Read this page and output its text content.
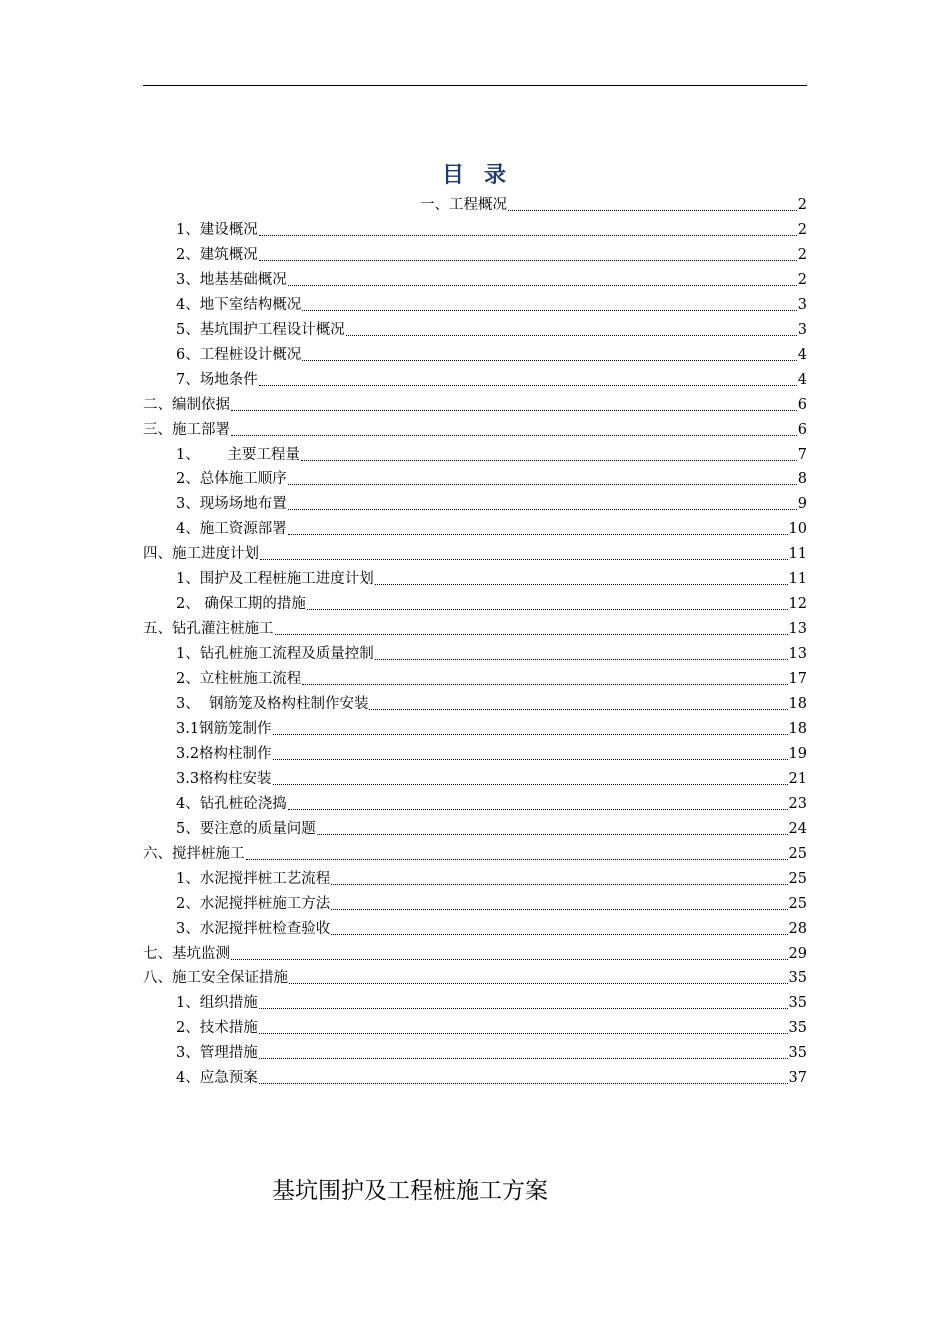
目 录
一、工程概况	2
1、建设概况	2
2、建筑概况	2
3、地基基础概况	2
4、地下室结构概况	3
5、基坑围护工程设计概况	3
6、工程桩设计概况	4
7、场地条件	4
二、编制依据	6
三、施工部署	6
1、      主要工程量	7
2、总体施工顺序	8
3、现场场地布置	9
4、施工资源部署	10
四、施工进度计划	11
1、围护及工程桩施工进度计划	11
2、 确保工期的措施	12
五、钻孔灌注桩施工	13
1、钻孔桩施工流程及质量控制	13
2、立柱桩施工流程	17
3、  钢筋笼及格构柱制作安装	18
3.1钢筋笼制作	18
3.2格构柱制作	19
3.3格构柱安装	21
4、钻孔桩砼浇捣	23
5、要注意的质量问题	24
六、搅拌桩施工	25
1、水泥搅拌桩工艺流程	25
2、水泥搅拌桩施工方法	25
3、水泥搅拌桩检查验收	28
七、基坑监测	29
八、施工安全保证措施	35
1、组织措施	35
2、技术措施	35
3、管理措施	35
4、应急预案	37
基坑围护及工程桩施工方案
